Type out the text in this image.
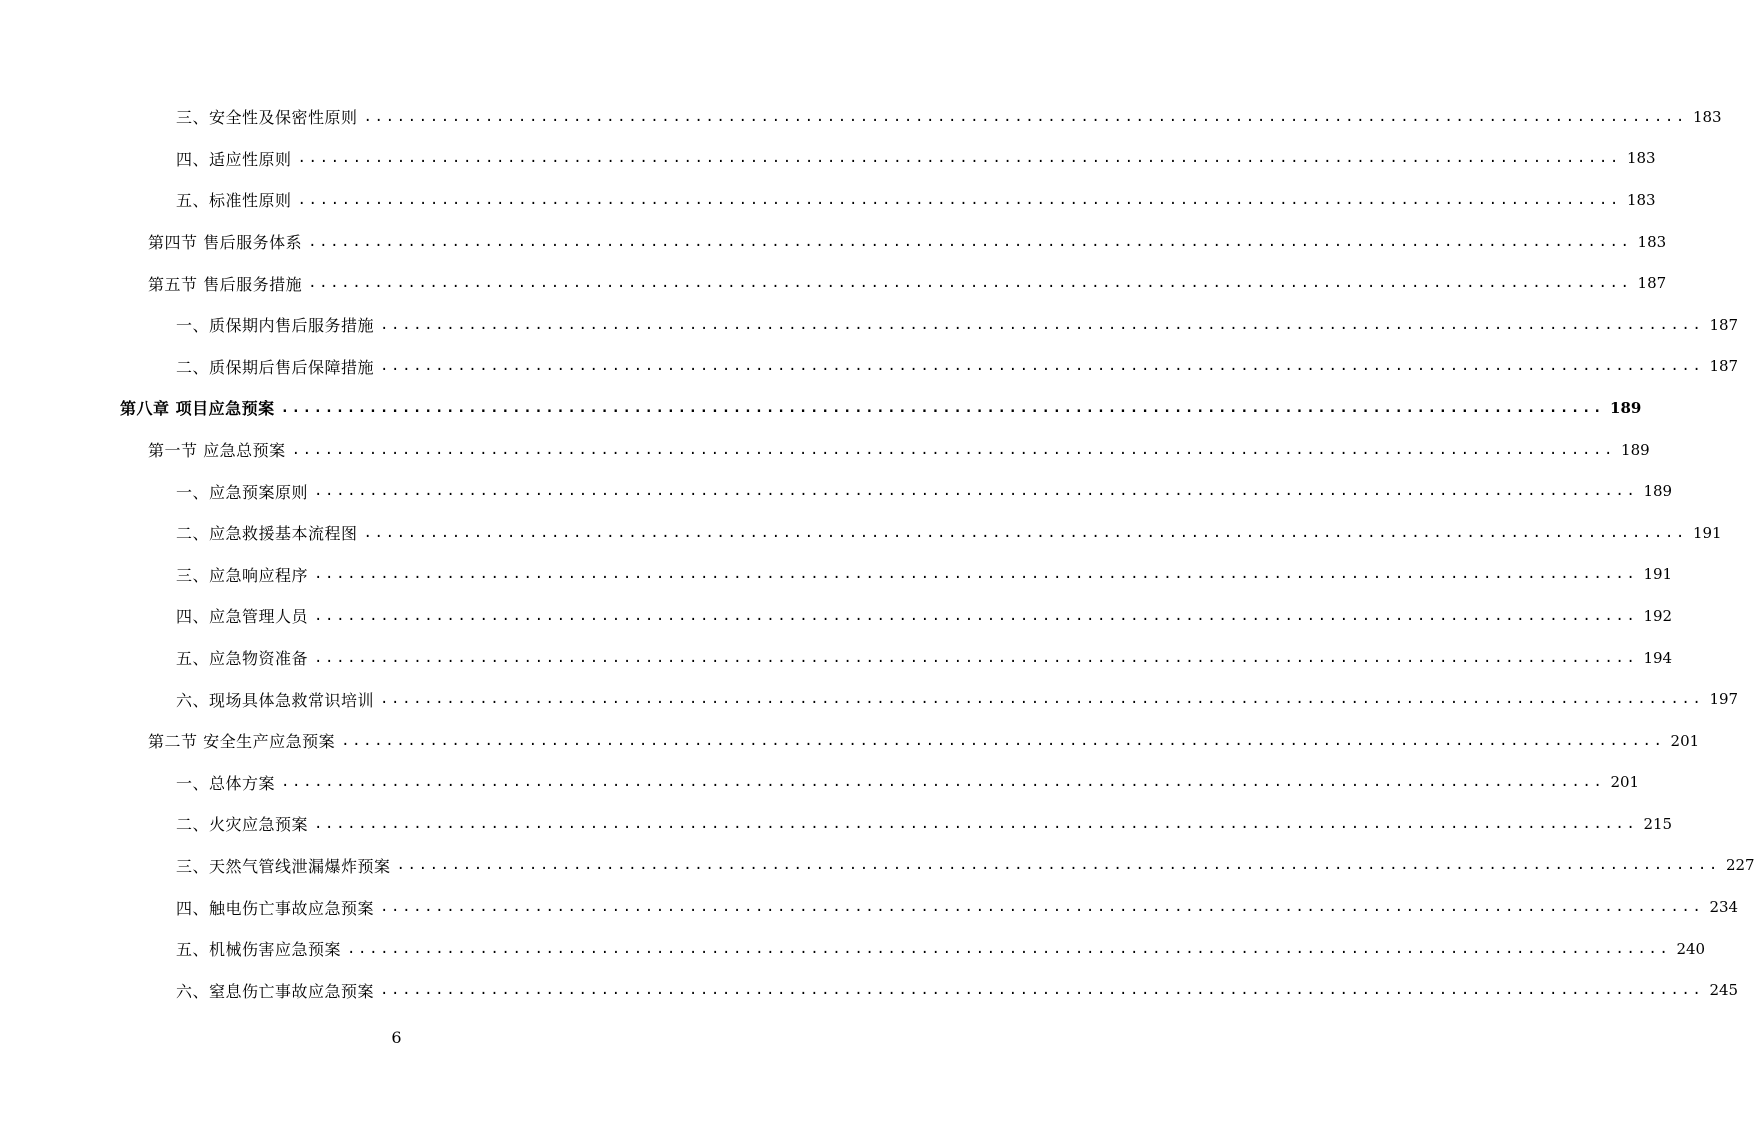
三、安全性及保密性原则 ........................................................................................................................ 183
四、适应性原则 ........................................................................................................................ 183
五、标准性原则 ........................................................................................................................ 183
第四节 售后服务体系 ........................................................................................................................ 183
第五节 售后服务措施 ........................................................................................................................ 187
一、质保期内售后服务措施 ........................................................................................................................ 187
二、质保期后售后保障措施 ........................................................................................................................ 187
第八章 项目应急预案 ........................................................................................................................ 189
第一节 应急总预案 ........................................................................................................................ 189
一、应急预案原则 ........................................................................................................................ 189
二、应急救援基本流程图 ........................................................................................................................ 191
三、应急响应程序 ........................................................................................................................ 191
四、应急管理人员 ........................................................................................................................ 192
五、应急物资准备 ........................................................................................................................ 194
六、现场具体急救常识培训 ........................................................................................................................ 197
第二节 安全生产应急预案 ........................................................................................................................ 201
一、总体方案 ........................................................................................................................ 201
二、火灾应急预案 ........................................................................................................................ 215
三、天然气管线泄漏爆炸预案 ........................................................................................................................ 227
四、触电伤亡事故应急预案 ........................................................................................................................ 234
五、机械伤害应急预案 ........................................................................................................................ 240
六、窒息伤亡事故应急预案 ........................................................................................................................ 245
6
